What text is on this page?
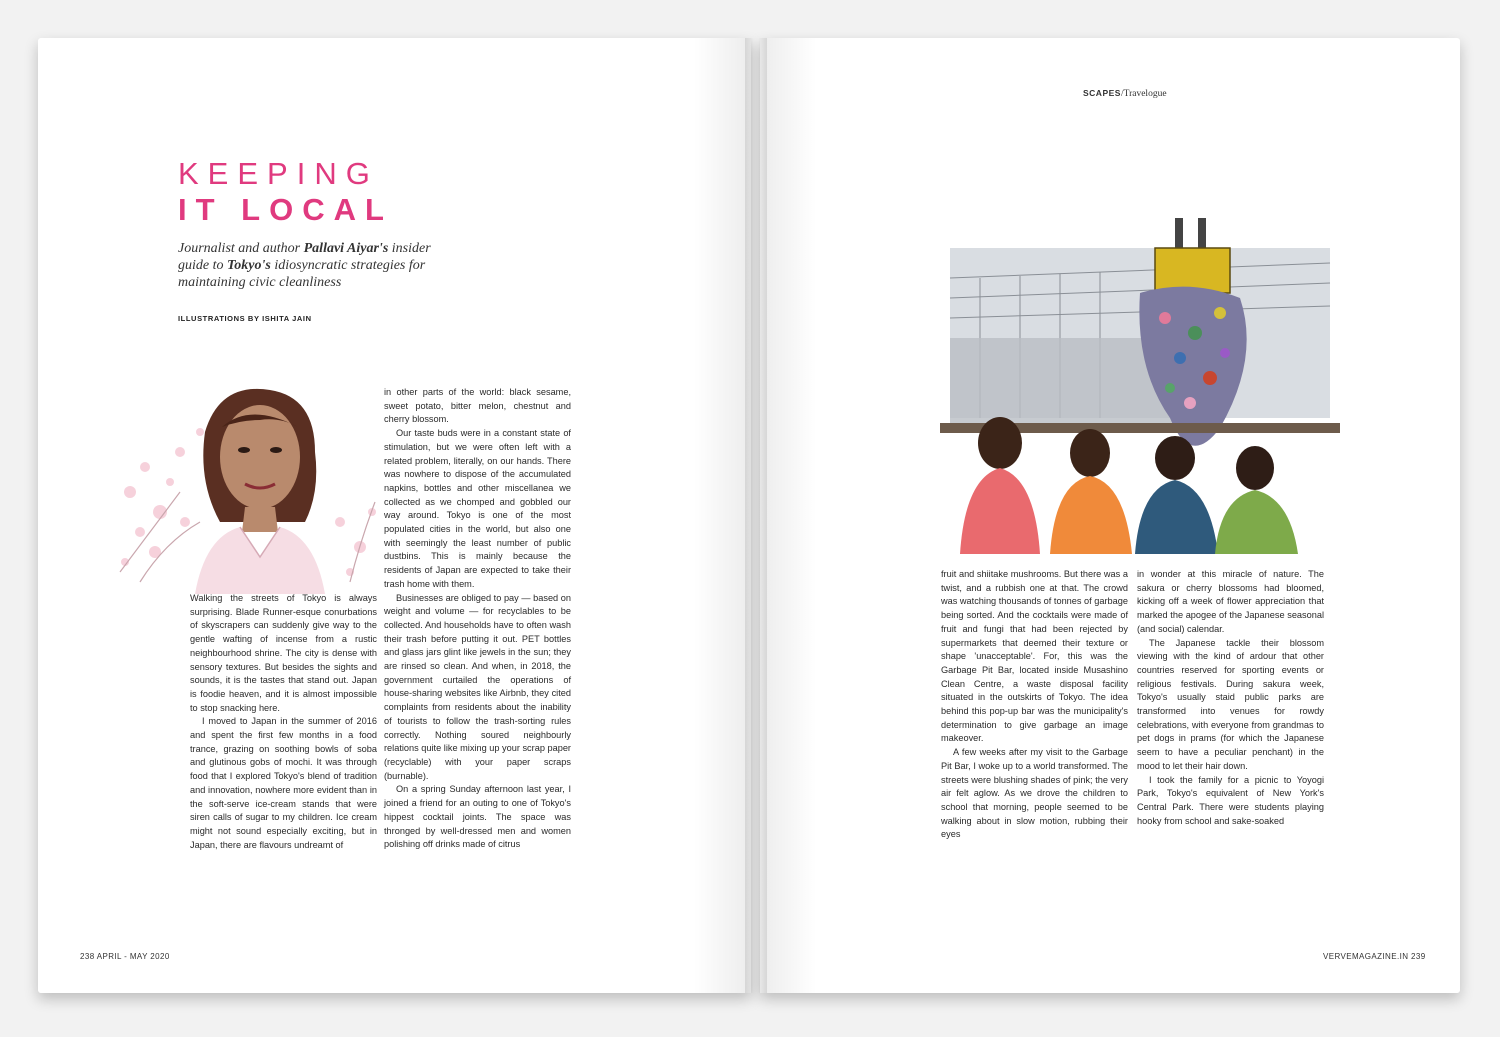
KEEPING
IT LOCAL
Journalist and author Pallavi Aiyar's insider guide to Tokyo's idiosyncratic strategies for maintaining civic cleanliness
ILLUSTRATIONS BY ISHITA JAIN

Walking the streets of Tokyo is always surprising. Blade Runner-esque conurbations of skyscrapers can suddenly give way to the gentle wafting of incense from a rustic neighbourhood shrine. The city is dense with sensory textures. But besides the sights and sounds, it is the tastes that stand out. Japan is foodie heaven, and it is almost impossible to stop snacking here.

I moved to Japan in the summer of 2016 and spent the first few months in a food trance, grazing on soothing bowls of soba and glutinous gobs of mochi. It was through food that I explored Tokyo's blend of tradition and innovation, nowhere more evident than in the soft-serve ice-cream stands that were siren calls of sugar to my children. Ice cream might not sound especially exciting, but in Japan, there are flavours undreamt of

in other parts of the world: black sesame, sweet potato, bitter melon, chestnut and cherry blossom.

Our taste buds were in a constant state of stimulation, but we were often left with a related problem, literally, on our hands. There was nowhere to dispose of the accumulated napkins, bottles and other miscellanea we collected as we chomped and gobbled our way around. Tokyo is one of the most populated cities in the world, but also one with seemingly the least number of public dustbins. This is mainly because the residents of Japan are expected to take their trash home with them.

Businesses are obliged to pay — based on weight and volume — for recyclables to be collected. And households have to often wash their trash before putting it out. PET bottles and glass jars glint like jewels in the sun; they are rinsed so clean. And when, in 2018, the government curtailed the operations of house-sharing websites like Airbnb, they cited complaints from residents about the inability of tourists to follow the trash-sorting rules correctly. Nothing soured neighbourly relations quite like mixing up your scrap paper (recyclable) with your paper scraps (burnable).

On a spring Sunday afternoon last year, I joined a friend for an outing to one of Tokyo's hippest cocktail joints. The space was thronged by well-dressed men and women polishing off drinks made of citrus

238 APRIL - MAY 2020
SCAPES/Travelogue

fruit and shiitake mushrooms. But there was a twist, and a rubbish one at that. The crowd was watching thousands of tonnes of garbage being sorted. And the cocktails were made of fruit and fungi that had been rejected by supermarkets that deemed their texture or shape 'unacceptable'. For, this was the Garbage Pit Bar, located inside Musashino Clean Centre, a waste disposal facility situated in the outskirts of Tokyo. The idea behind this pop-up bar was the municipality's determination to give garbage an image makeover.

A few weeks after my visit to the Garbage Pit Bar, I woke up to a world transformed. The streets were blushing shades of pink; the very air felt aglow. As we drove the children to school that morning, people seemed to be walking about in slow motion, rubbing their eyes

in wonder at this miracle of nature. The sakura or cherry blossoms had bloomed, kicking off a week of flower appreciation that marked the apogee of the Japanese seasonal (and social) calendar.

The Japanese tackle their blossom viewing with the kind of ardour that other countries reserved for sporting events or religious festivals. During sakura week, Tokyo's usually staid public parks are transformed into venues for rowdy celebrations, with everyone from grandmas to pet dogs in prams (for which the Japanese seem to have a peculiar penchant) in the mood to let their hair down.

I took the family for a picnic to Yoyogi Park, Tokyo's equivalent of New York's Central Park. There were students playing hooky from school and sake-soaked

VERVEMAGAZINE.IN 239
